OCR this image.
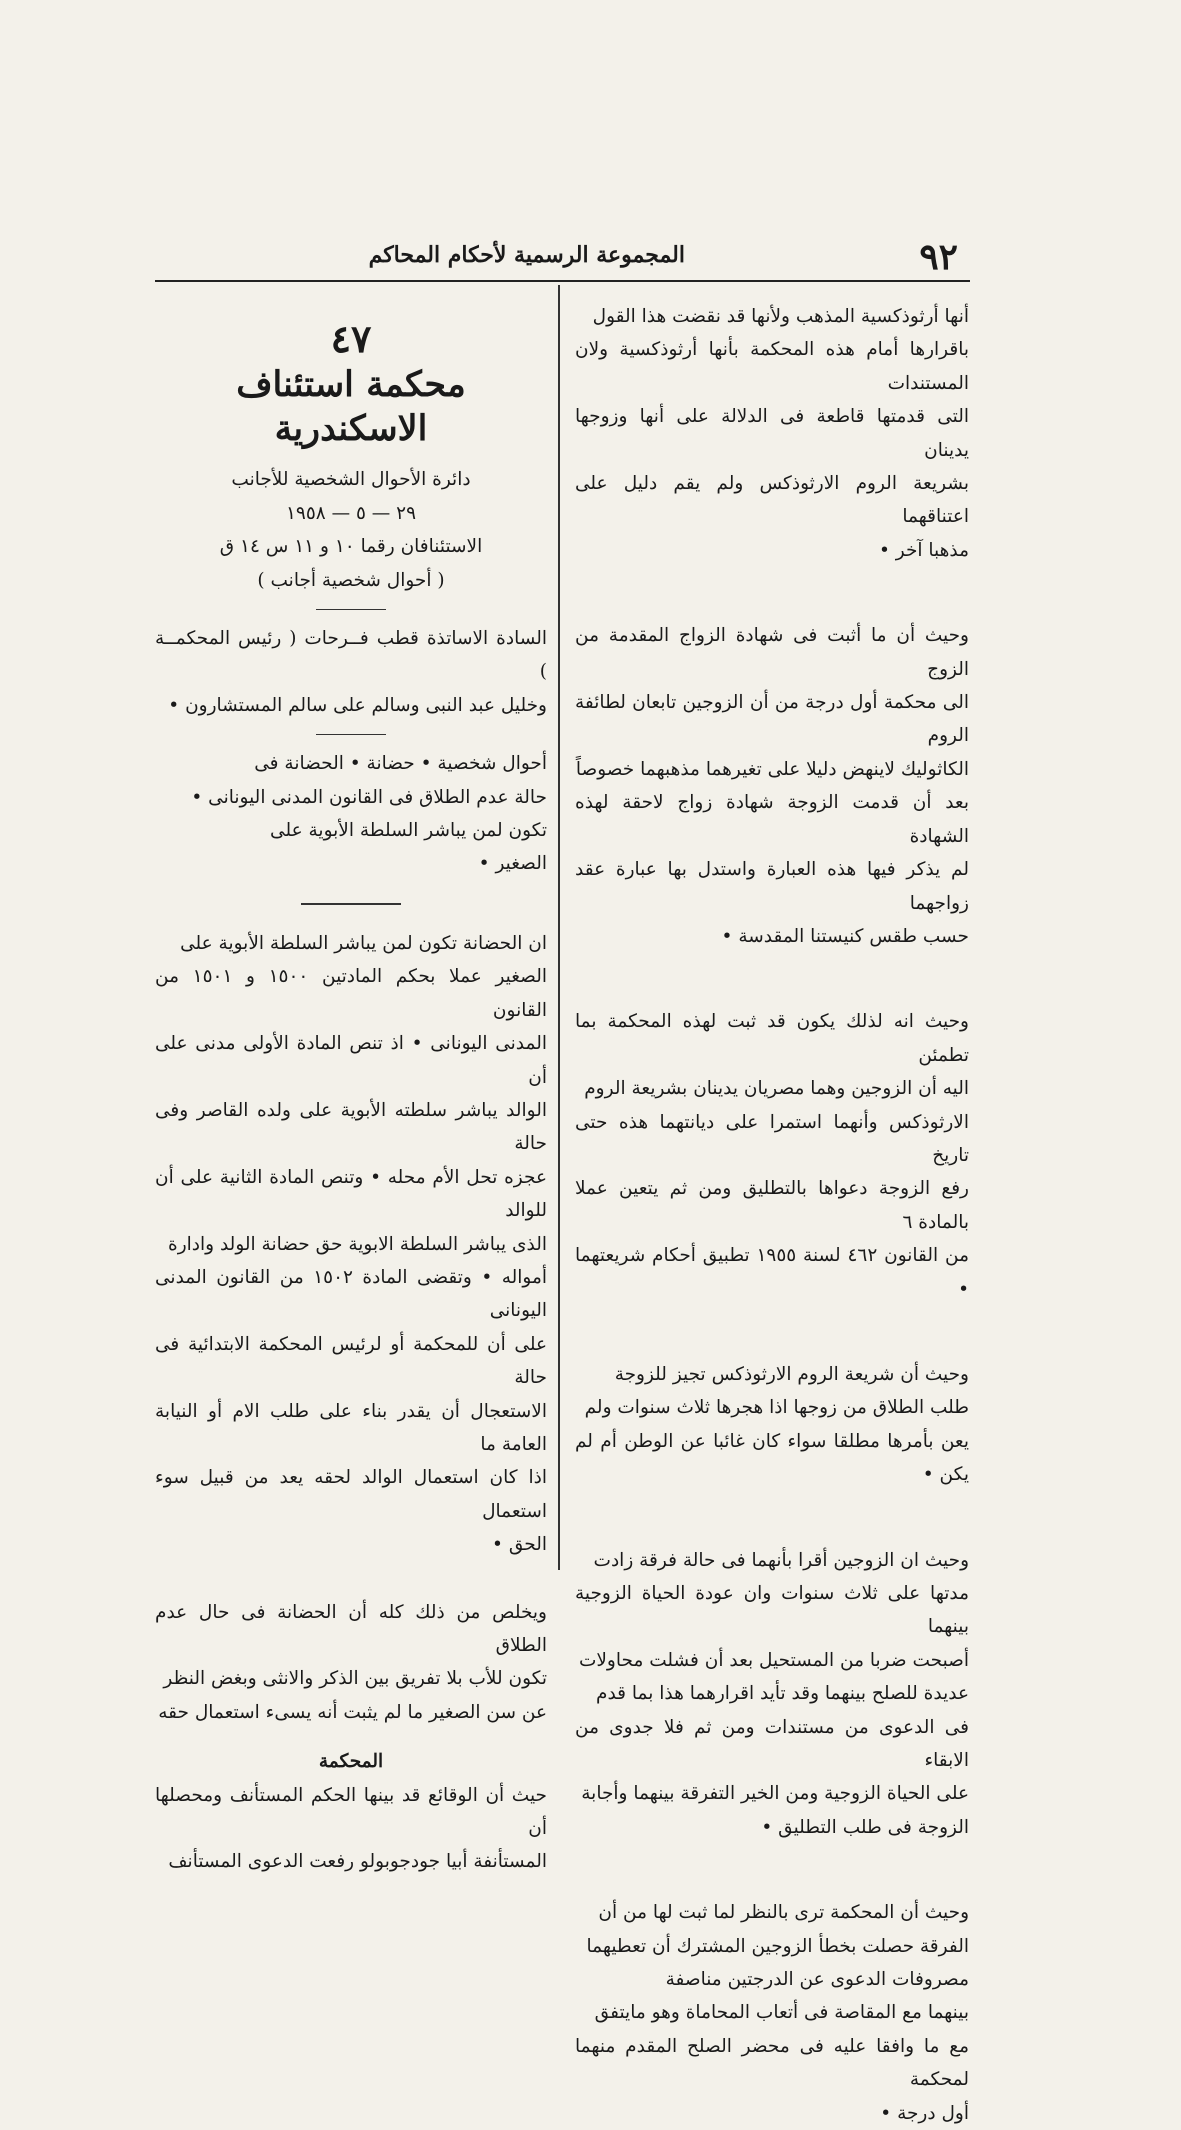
٩٢
المجموعة الرسمية لأحكام المحاكم

أنها أرثوذكسية المذهب ولأنها قد نقضت هذا القول

باقرارها أمام هذه المحكمة بأنها أرثوذكسية ولان المستندات

التى قدمتها قاطعة فى الدلالة على أنها وزوجها يدينان

بشريعة الروم الارثوذكس ولم يقم دليل على اعتناقهما

مذهبا آخر •

وحيث أن ما أثبت فى شهادة الزواج المقدمة من الزوج

الى محكمة أول درجة من أن الزوجين تابعان لطائفة الروم

الكاثوليك لاينهض دليلا على تغيرهما مذهبهما خصوصاً

بعد أن قدمت الزوجة شهادة زواج لاحقة لهذه الشهادة

لم يذكر فيها هذه العبارة واستدل بها عبارة عقد زواجهما

حسب طقس كنيستنا المقدسة •

وحيث انه لذلك يكون قد ثبت لهذه المحكمة بما تطمئن

اليه أن الزوجين وهما مصريان يدينان بشريعة الروم

الارثوذكس وأنهما استمرا على ديانتهما هذه حتى تاريخ

رفع الزوجة دعواها بالتطليق ومن ثم يتعين عملا بالمادة ٦

من القانون ٤٦٢ لسنة ١٩٥٥ تطبيق أحكام شريعتهما •

وحيث أن شريعة الروم الارثوذكس تجيز للزوجة

طلب الطلاق من زوجها اذا هجرها ثلاث سنوات ولم

يعن بأمرها مطلقا سواء كان غائبا عن الوطن أم لم يكن •

وحيث ان الزوجين أقرا بأنهما فى حالة فرقة زادت

مدتها على ثلاث سنوات وان عودة الحياة الزوجية بينهما

أصبحت ضربا من المستحيل بعد أن فشلت محاولات

عديدة للصلح بينهما وقد تأيد اقرارهما هذا بما قدم

فى الدعوى من مستندات ومن ثم فلا جدوى من الابقاء

على الحياة الزوجية ومن الخير التفرقة بينهما وأجابة

الزوجة فى طلب التطليق •

وحيث أن المحكمة ترى بالنظر لما ثبت لها من أن

الفرقة حصلت بخطأ الزوجين المشترك أن تعطيهما

مصروفات الدعوى عن الدرجتين مناصفة

بينهما مع المقاصة فى أتعاب المحاماة وهو مايتفق

مع ما وافقا عليه فى محضر الصلح المقدم منهما لمحكمة

أول درجة •

٤٧

محكمة استئناف الاسكندرية

دائرة الأحوال الشخصية للأجانب

٢٩ — ٥ — ١٩٥٨

الاستئنافان رقما ١٠ و ١١ س ١٤ ق

( أحوال شخصية أجانب )

السادة الاساتذة قطب فــرحات ( رئيس المحكمــة )

وخليل عبد النبى وسالم على سالم المستشارون •

أحوال شخصية • حضانة • الحضانة فى

حالة عدم الطلاق فى القانون المدنى اليونانى •

تكون لمن يباشر السلطة الأبوية على

الصغير •

ان الحضانة تكون لمن يباشر السلطة الأبوية على

الصغير عملا بحكم المادتين ١٥٠٠ و ١٥٠١ من القانون

المدنى اليونانى • اذ تنص المادة الأولى مدنى على أن

الوالد يباشر سلطته الأبوية على ولده القاصر وفى حالة

عجزه تحل الأم محله • وتنص المادة الثانية على أن للوالد

الذى يباشر السلطة الابوية حق حضانة الولد وادارة

أمواله • وتقضى المادة ١٥٠٢ من القانون المدنى اليونانى

على أن للمحكمة أو لرئيس المحكمة الابتدائية فى حالة

الاستعجال أن يقدر بناء على طلب الام أو النيابة العامة ما

اذا كان استعمال الوالد لحقه يعد من قبيل سوء استعمال

الحق •

ويخلص من ذلك كله أن الحضانة فى حال عدم الطلاق

تكون للأب بلا تفريق بين الذكر والانثى وبغض النظر

عن سن الصغير ما لم يثبت أنه يسىء استعمال حقه

المحكمة

حيث أن الوقائع قد بينها الحكم المستأنف ومحصلها أن

المستأنفة أبيا جودجوبولو رفعت الدعوى المستأنف
